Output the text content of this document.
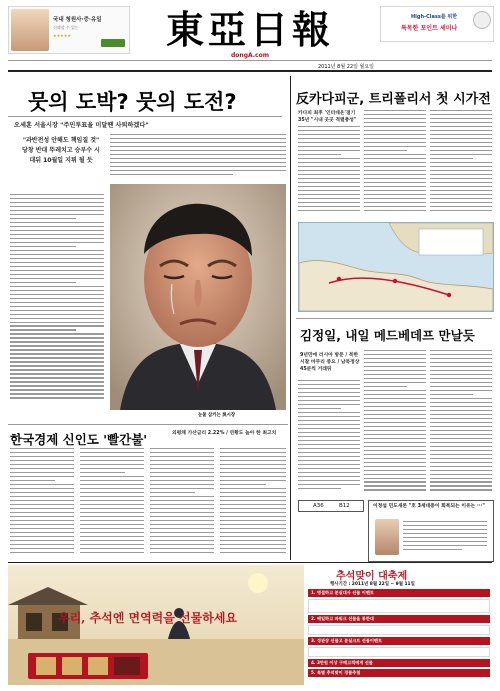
국내 청원사·증·유일
신뢰할 수 있는
★★★★★	東亞日報
dongA.com
High-Class를 위한
특목한 포인트 세미나
2011년 8월 22일 월요일
뭇의 도박? 뭇의 도전?
오세훈 서울시장 "주민투표율 미달땐 사퇴하겠다"
"과반전성 안해도 책임질 것" 당창 반대 뚜레치고 승부수 시대뒤 10월일 지뤼 될 듯
눈물 삼키는 吳시장
反카다피군, 트리폴리서 첫 시가전
카다피 최후 '인터데온'점기 35년 "시내 곳곳 격렬총성"
김정일, 내일 메드베데프 만날듯
9년만에 러시아 방문 / 북한시찰 마무리 중요 / 남북정상 45분씩 거래뒤
A36	B12	이정섭 민도새론 "호 3세대중이 회복되는 이유는 ···"
한국경제 신인도 '빨간불'	외평채 가산금리 2.22% / 연황도 높아 한 최고치
우리, 추석엔 면역력을 선물하세요
추석맞이 대축제
행사기간 : 2011년 8월 22일 ~ 9월 11일
1. 명절하고 분실대사 선물 이벤트
2. 베일하고 파워크 선물을 통한대
3. 정관장 선물고 분실크트 선물이벤트
4. 3만원 이상 구매고객에게 선물
5. 특별 추석맞이 경품추첨
